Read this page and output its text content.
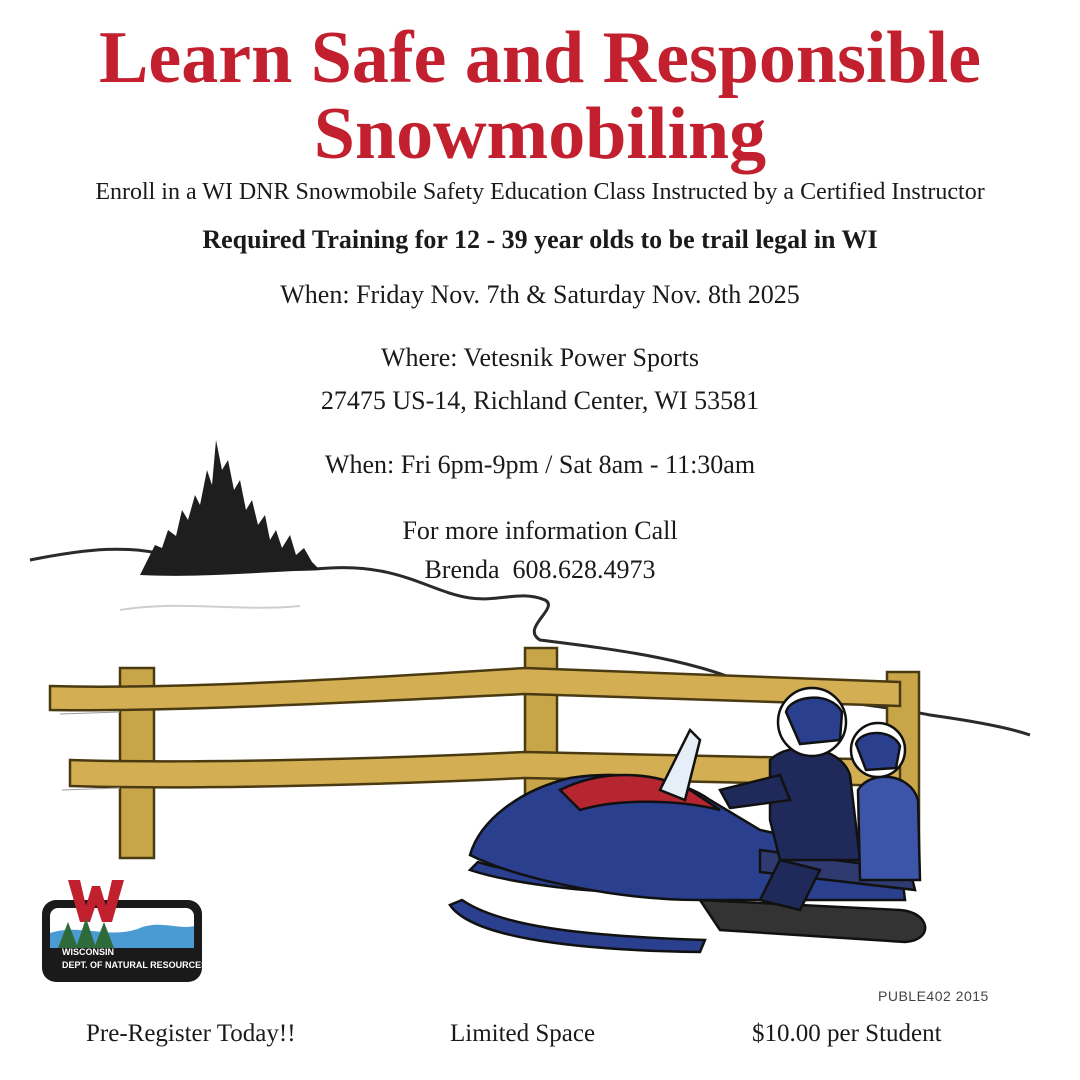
WISCONSIN
DEPT. OF NATURAL RESOURCES
Learn Safe and Responsible
Snowmobiling

Enroll in a WI DNR Snowmobile Safety Education Class Instructed by a Certified Instructor

Required Training for 12 - 39 year olds to be trail legal in WI

When: Friday Nov. 7th & Saturday Nov. 8th 2025

Where: Vetesnik Power Sports

27475 US-14, Richland Center, WI 53581

When: Fri 6pm-9pm / Sat 8am - 11:30am

For more information Call

Brenda  608.628.4973

PUBLE402 2015
Pre-Register Today!!	Limited Space	$10.00 per Student
